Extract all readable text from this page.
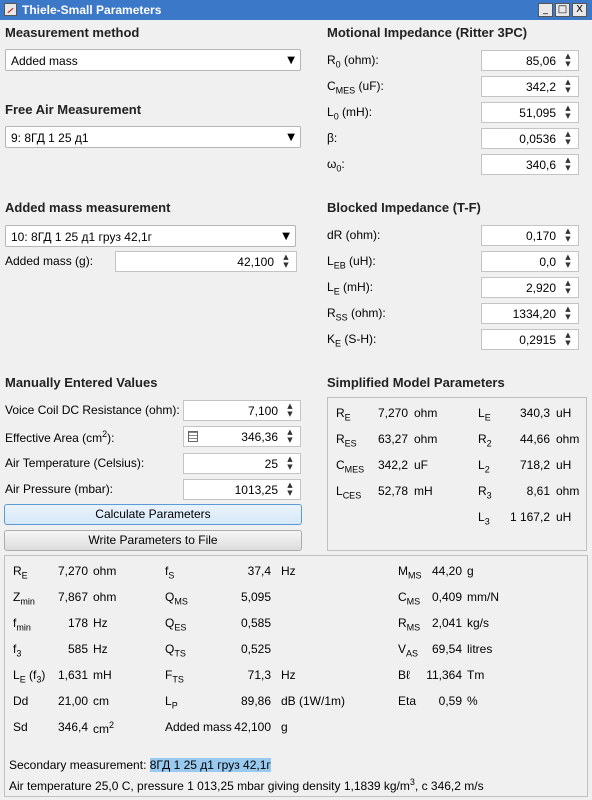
Thiele-Small Parameters	_ □ X
Measurement method
Added mass	▼
Free Air Measurement
9: 8ГД 1 25 д1	▼
Added mass measurement
10: 8ГД 1 25 д1 груз 42,1г	▼
Added mass (g):	42,100	▲
▼
Motional Impedance (Ritter 3PC)
$R_0$ (ohm):	85,06	▲
▼
$C_{MES}$ (uF):	342,2	▲
▼
$L_0$ (mH):	51,095	▲
▼
β:	0,0536	▲
▼
$\omega_0$:	340,6	▲
▼
Blocked Impedance (T-F)
dR (ohm):	0,170	▲
▼
$L_{EB}$ (uH):	0,0	▲
▼
$L_E$ (mH):	2,920	▲
▼
$R_{SS}$ (ohm):	1334,20	▲
▼
$K_E$ (S-H):	0,2915	▲
▼
Manually Entered Values
Voice Coil DC Resistance (ohm):	7,100	▲
▼
Effective Area $(cm^2)$:	346,36	▲
▼
Air Temperature (Celsius):	25	▲
▼
Air Pressure (mbar):	1013,25	▲
▼
Calculate Parameters
Write Parameters to File
Simplified Model Parameters
$R_E$	7,270 ohm
$R_{ES}$	63,27 ohm
$C_{MES}$	342,2 uF
$L_{CES}$	52,78 mH
$L_E$	340,3 uH
$R_2$	44,66 ohm
$L_2$	718,2 uH
$R_3$	8,61 ohm
$L_3$	1 167,2 uH
$R_E$	7,270 ohm
$Z_{min}$	7,867 ohm
$f_{min}$	178 Hz
$f_3$	585 Hz
$L_E$ $(f_3)$	1,631 mH
Dd	21,00 cm
Sd	346,4 $cm^2$
$f_S$	37,4 Hz
$Q_{MS}$	5,095
$Q_{ES}$	0,585
$Q_{TS}$	0,525
$F_{TS}$	71,3 Hz
$L_P$	89,86 dB (1W/1m)
Added mass 42,100 g
$M_{MS}$ 44,20 g
$C_{MS}$ 0,409 mm/N
$R_{MS}$ 2,041 kg/s
$V_{AS}$	69,54 litres
Bℓ	11,364 Tm
Eta	0,59 %
Secondary measurement: 8ГД 1 25 д1 груз 42,1г
Air temperature 25,0 C, pressure 1 013,25 mbar giving density 1,1839 $kg/m^3$, c 346,2 m/s
